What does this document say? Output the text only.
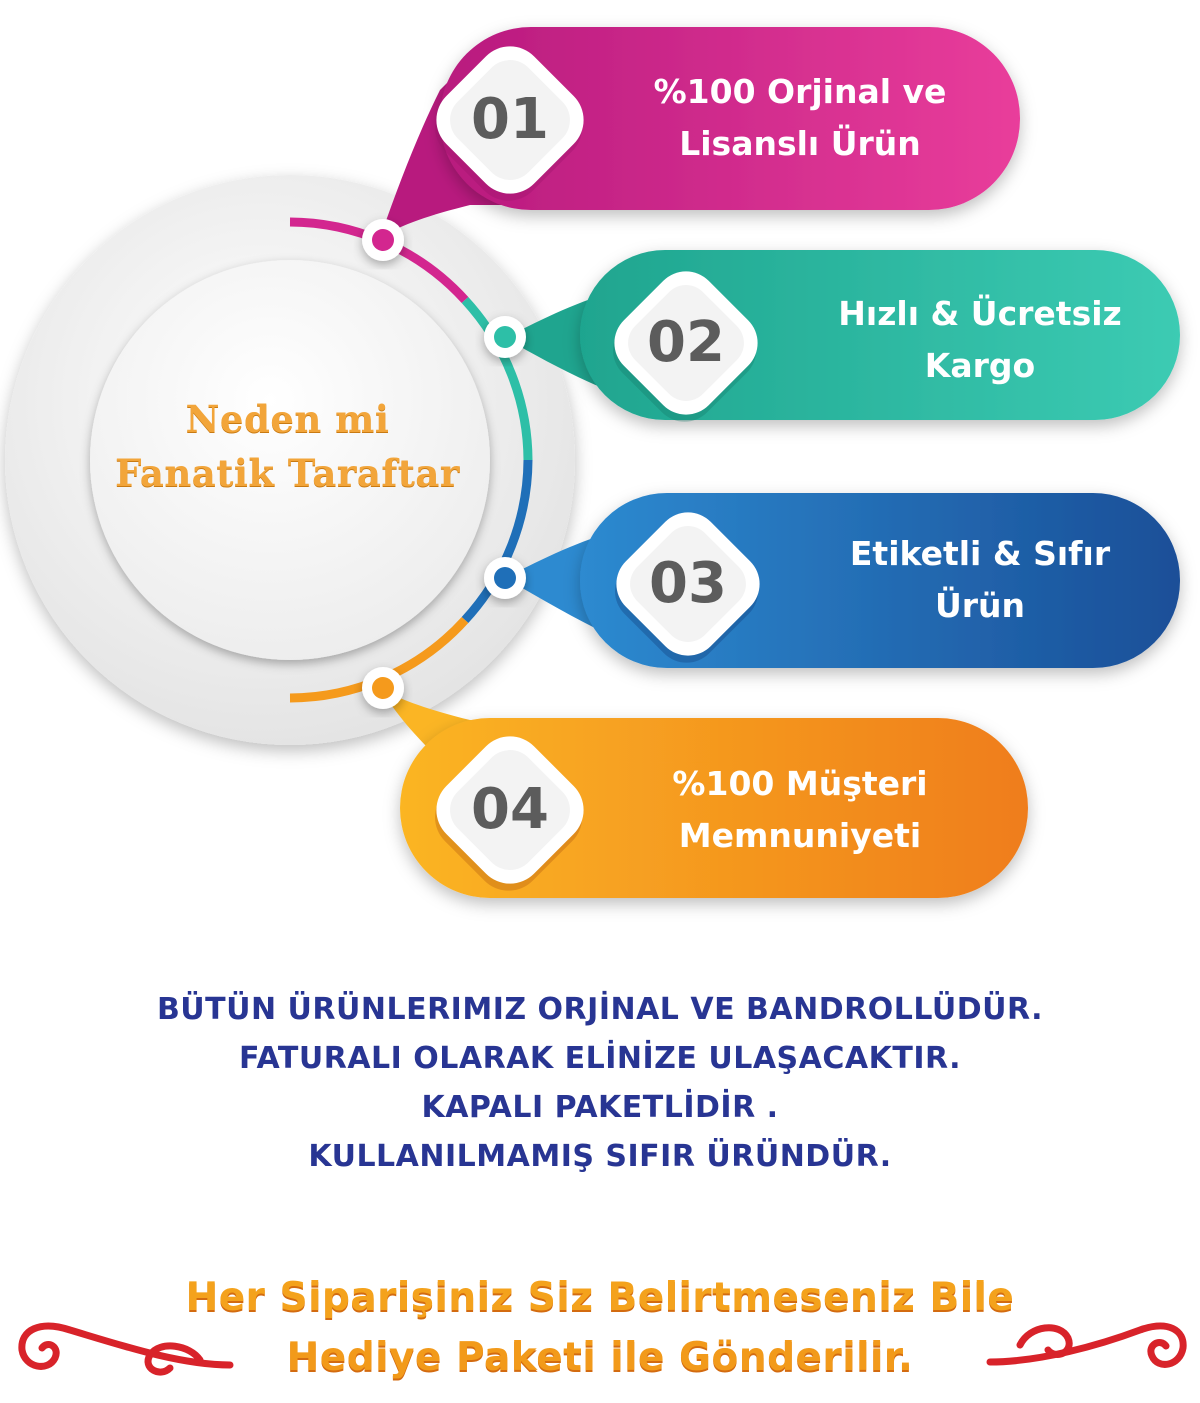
Neden mi
Fanatik Taraftar
01
02
03
04
%100 Orjinal ve
Lisanslı Ürün
Hızlı & Ücretsiz
Kargo
Etiketli & Sıfır
Ürün
%100 Müşteri
Memnuniyeti
BÜTÜN ÜRÜNLERIMIZ ORJİNAL VE BANDROLLÜDÜR.
FATURALI OLARAK ELİNİZE ULAŞACAKTIR.
KAPALI PAKETLİDİR .
KULLANILMAMIŞ SIFIR ÜRÜNDÜR.
Her Siparişiniz Siz Belirtmeseniz Bile
Hediye Paketi ile Gönderilir.
